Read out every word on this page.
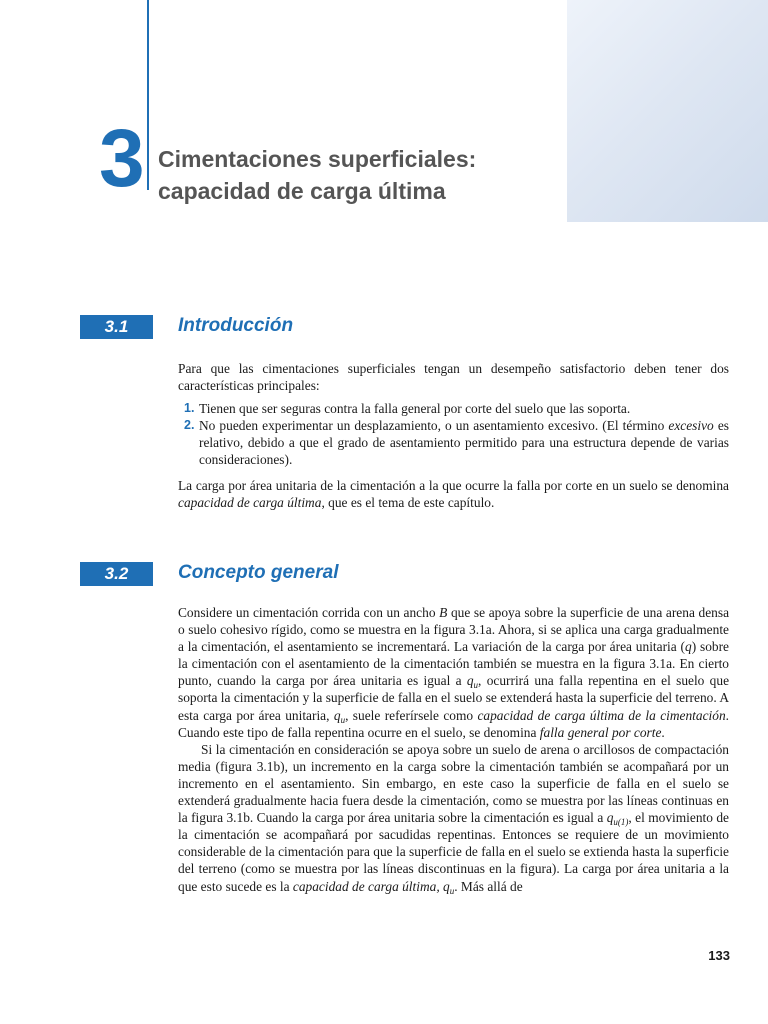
3 Cimentaciones superficiales:
capacidad de carga última
3.1	Introducción

Para que las cimentaciones superficiales tengan un desempeño satisfactorio deben tener dos características principales:

1. Tienen que ser seguras contra la falla general por corte del suelo que las soporta.
2. No pueden experimentar un desplazamiento, o un asentamiento excesivo. (El término excesivo es relativo, debido a que el grado de asentamiento permitido para una estructura depende de varias consideraciones).

La carga por área unitaria de la cimentación a la que ocurre la falla por corte en un suelo se denomina capacidad de carga última, que es el tema de este capítulo.

3.2	Concepto general

Considere un cimentación corrida con un ancho B que se apoya sobre la superficie de una arena densa o suelo cohesivo rígido, como se muestra en la figura 3.1a. Ahora, si se aplica una carga gradualmente a la cimentación, el asentamiento se incrementará. La variación de la carga por área unitaria (q) sobre la cimentación con el asentamiento de la cimentación también se muestra en la figura 3.1a. En cierto punto, cuando la carga por área unitaria es igual a $q_u$, ocurrirá una falla repentina en el suelo que soporta la cimentación y la superficie de falla en el suelo se extenderá hasta la superficie del terreno. A esta carga por área unitaria, $q_u$, suele referírsele como capacidad de carga última de la cimentación. Cuando este tipo de falla repentina ocurre en el suelo, se denomina falla general por corte.

Si la cimentación en consideración se apoya sobre un suelo de arena o arcillosos de compactación media (figura 3.1b), un incremento en la carga sobre la cimentación también se acompañará por un incremento en el asentamiento. Sin embargo, en este caso la superficie de falla en el suelo se extenderá gradualmente hacia fuera desde la cimentación, como se muestra por las líneas continuas en la figura 3.1b. Cuando la carga por área unitaria sobre la cimentación es igual a $q_{u(1)}$, el movimiento de la cimentación se acompañará por sacudidas repentinas. Entonces se requiere de un movimiento considerable de la cimentación para que la superficie de falla en el suelo se extienda hasta la superficie del terreno (como se muestra por las líneas discontinuas en la figura). La carga por área unitaria a la que esto sucede es la capacidad de carga última, $q_u$. Más allá de

133
